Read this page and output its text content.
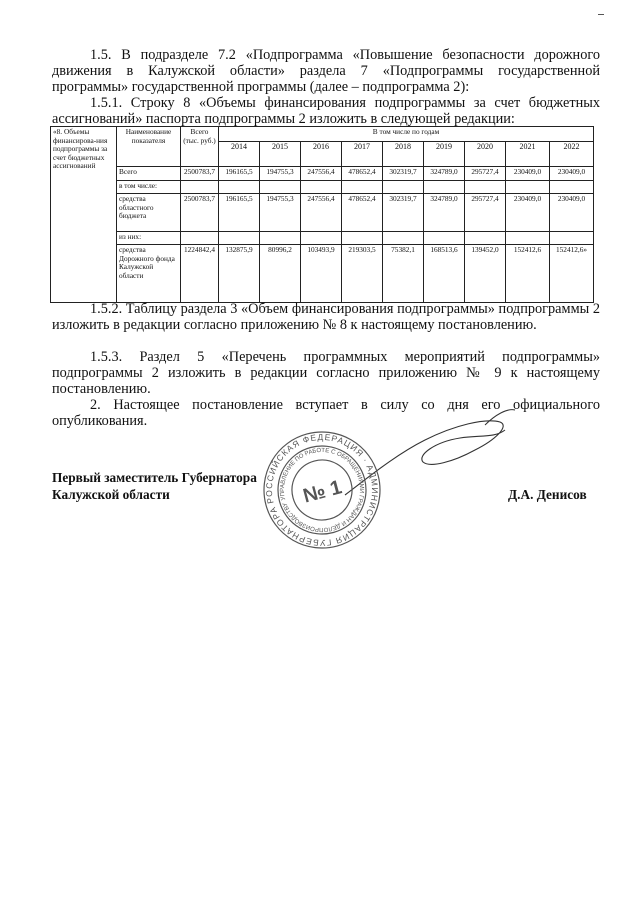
1.5. В подразделе 7.2 «Подпрограмма «Повышение безопасности дорожного движения в Калужской области» раздела 7 «Подпрограммы государственной программы» государственной программы (далее – подпрограмма 2):
1.5.1. Строку 8 «Объемы финансирования подпрограммы за счет бюджетных ассигнований» паспорта подпрограммы 2 изложить в следующей редакции:
«8. Объемы финансирова-ния подпрограммы за счет бюджетных ассигнований	Наименование показателя	Всего (тыс. руб.)	В том числе по годам								
			2014	2015	2016	2017	2018	2019	2020	2021	2022
	Всего	2500783,7	196165,5	194755,3	247556,4	478652,4	302319,7	324789,0	295727,4	230409,0	230409,0
	в том числе:										
	средства областного бюджета	2500783,7	196165,5	194755,3	247556,4	478652,4	302319,7	324789,0	295727,4	230409,0	230409,0
	из них:										
	средства Дорожного фонда Калужской области	1224842,4	132875,9	80996,2	103493,9	219303,5	75382,1	168513,6	139452,0	152412,6	152412,6»
1.5.2. Таблицу раздела 3 «Объем финансирования подпрограммы» подпрограммы 2 изложить в редакции согласно приложению № 8 к настоящему постановлению.
1.5.3. Раздел 5 «Перечень программных мероприятий подпрограммы» подпрограммы 2 изложить в редакции согласно приложению № 9 к настоящему постановлению.
2. Настоящее постановление вступает в силу со дня его официального опубликования.
РОССИЙСКАЯ ФЕДЕРАЦИЯ · АДМИНИСТРАЦИЯ ГУБЕРНАТОРА
УПРАВЛЕНИЕ ПО РАБОТЕ С ОБРАЩЕНИЯМИ ГРАЖДАН И ДЕЛОПРОИЗВОДСТВУ № 1
Первый заместитель Губернатора
Калужской области	Д.А. Денисов
